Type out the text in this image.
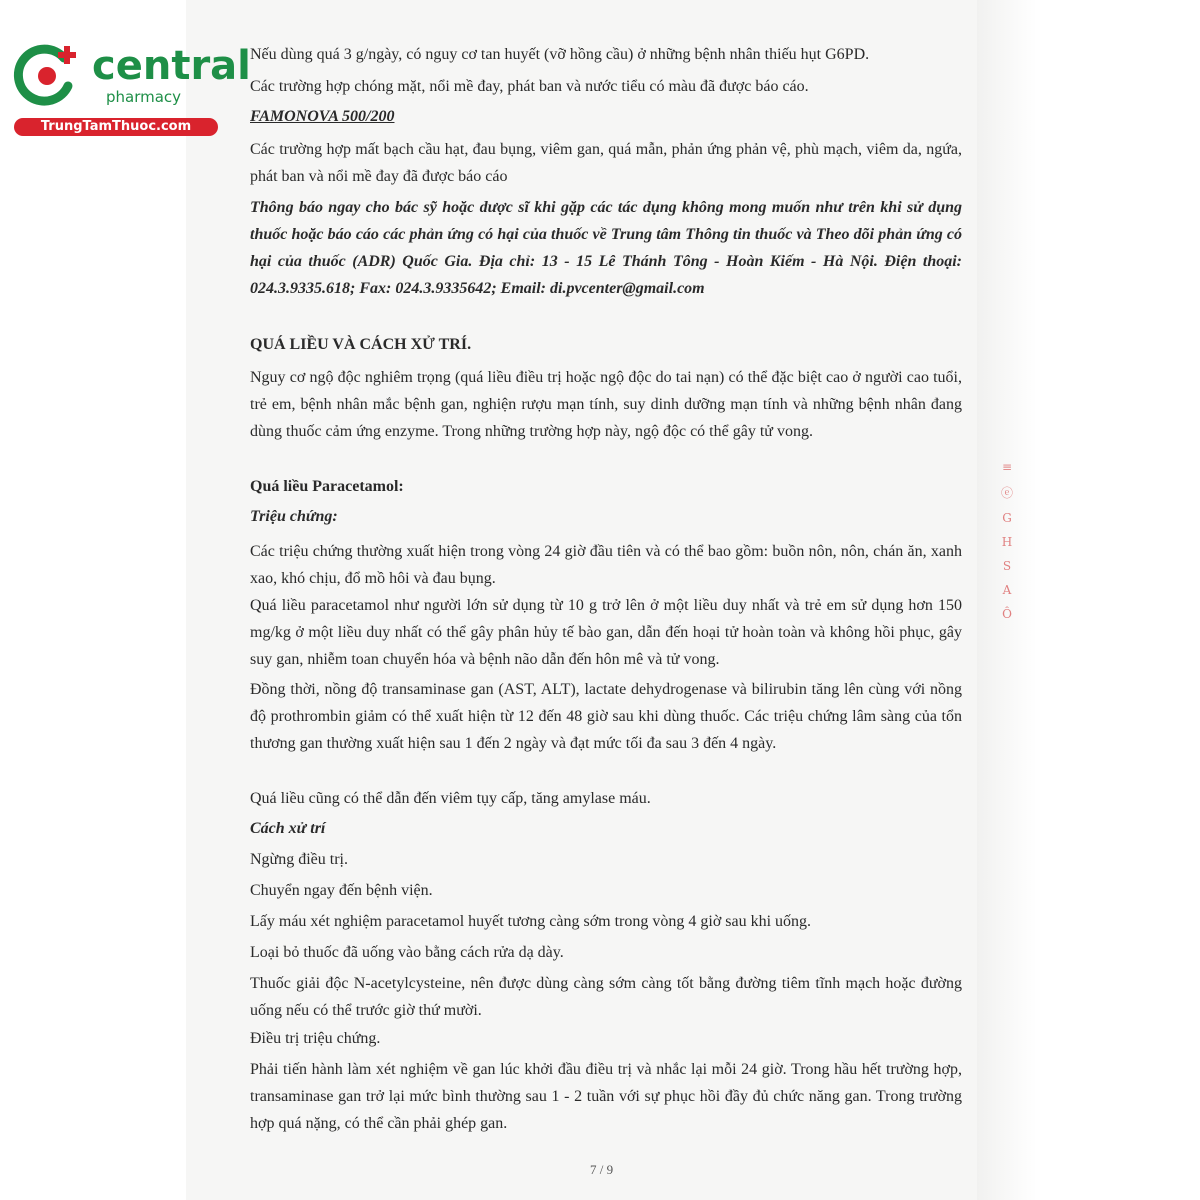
central
pharmacy
TrungTamThuoc.com
Nếu dùng quá 3 g/ngày, có nguy cơ tan huyết (vỡ hồng cầu) ở những bệnh nhân thiếu hụt G6PD.
Các trường hợp chóng mặt, nổi mề đay, phát ban và nước tiểu có màu đã được báo cáo.
FAMONOVA 500/200
Các trường hợp mất bạch cầu hạt, đau bụng, viêm gan, quá mẫn, phản ứng phản vệ, phù mạch, viêm da, ngứa, phát ban và nổi mề đay đã được báo cáo
Thông báo ngay cho bác sỹ hoặc dược sĩ khi gặp các tác dụng không mong muốn như trên khi sử dụng thuốc hoặc báo cáo các phản ứng có hại của thuốc về Trung tâm Thông tin thuốc và Theo dõi phản ứng có hại của thuốc (ADR) Quốc Gia. Địa chỉ: 13 - 15 Lê Thánh Tông - Hoàn Kiếm - Hà Nội. Điện thoại: 024.3.9335.618; Fax: 024.3.9335642; Email: di.pvcenter@gmail.com
QUÁ LIỀU VÀ CÁCH XỬ TRÍ.
Nguy cơ ngộ độc nghiêm trọng (quá liều điều trị hoặc ngộ độc do tai nạn) có thể đặc biệt cao ở người cao tuổi, trẻ em, bệnh nhân mắc bệnh gan, nghiện rượu mạn tính, suy dinh dưỡng mạn tính và những bệnh nhân đang dùng thuốc cảm ứng enzyme. Trong những trường hợp này, ngộ độc có thể gây tử vong.
Quá liều Paracetamol:
Triệu chứng:
Các triệu chứng thường xuất hiện trong vòng 24 giờ đầu tiên và có thể bao gồm: buồn nôn, nôn, chán ăn, xanh xao, khó chịu, đổ mồ hôi và đau bụng.
Quá liều paracetamol như người lớn sử dụng từ 10 g trở lên ở một liều duy nhất và trẻ em sử dụng hơn 150 mg/kg ở một liều duy nhất có thể gây phân hủy tế bào gan, dẫn đến hoại tử hoàn toàn và không hồi phục, gây suy gan, nhiễm toan chuyển hóa và bệnh não dẫn đến hôn mê và tử vong.
Đồng thời, nồng độ transaminase gan (AST, ALT), lactate dehydrogenase và bilirubin tăng lên cùng với nồng độ prothrombin giảm có thể xuất hiện từ 12 đến 48 giờ sau khi dùng thuốc. Các triệu chứng lâm sàng của tổn thương gan thường xuất hiện sau 1 đến 2 ngày và đạt mức tối đa sau 3 đến 4 ngày.
Quá liều cũng có thể dẫn đến viêm tụy cấp, tăng amylase máu.
Cách xử trí
Ngừng điều trị.
Chuyển ngay đến bệnh viện.
Lấy máu xét nghiệm paracetamol huyết tương càng sớm trong vòng 4 giờ sau khi uống.
Loại bỏ thuốc đã uống vào bằng cách rửa dạ dày.
Thuốc giải độc N-acetylcysteine, nên được dùng càng sớm càng tốt bằng đường tiêm tĩnh mạch hoặc đường uống nếu có thể trước giờ thứ mười.
Điều trị triệu chứng.
Phải tiến hành làm xét nghiệm về gan lúc khởi đầu điều trị và nhắc lại mỗi 24 giờ. Trong hầu hết trường hợp, transaminase gan trở lại mức bình thường sau 1 - 2 tuần với sự phục hồi đầy đủ chức năng gan. Trong trường hợp quá nặng, có thể cần phải ghép gan.
7 / 9
≡
ⓔ
G
H
S
A
Ô
